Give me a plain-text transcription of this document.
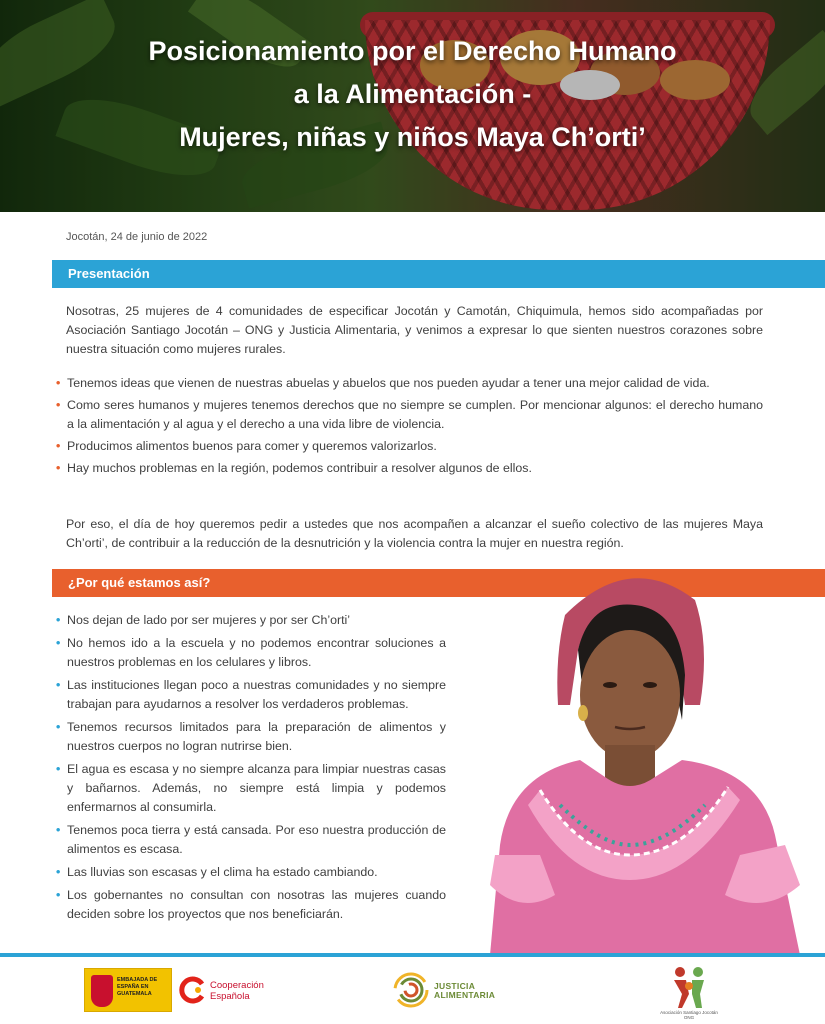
Posicionamiento por el Derecho Humano
a la Alimentación -
Mujeres, niñas y niños Maya Ch’orti’
Jocotán, 24 de junio de 2022
Presentación

Nosotras, 25 mujeres de 4 comunidades de especificar Jocotán y Camotán, Chiquimula, hemos sido acompañadas por Asociación Santiago Jocotán – ONG y Justicia Alimentaria, y venimos a expresar lo que sienten nuestros corazones sobre nuestra situación como mujeres rurales.

• Tenemos ideas que vienen de nuestras abuelas y abuelos que nos pueden ayudar a tener una mejor calidad de vida.
• Como seres humanos y mujeres tenemos derechos que no siempre se cumplen. Por mencionar algunos: el derecho humano a la alimentación y al agua y el derecho a una vida libre de violencia.
• Producimos alimentos buenos para comer y queremos valorizarlos.
• Hay muchos problemas en la región, podemos contribuir a resolver algunos de ellos.

Por eso, el día de hoy queremos pedir a ustedes que nos acompañen a alcanzar el sueño colectivo de las mujeres Maya Ch’orti’, de contribuir a la reducción de la desnutrición y la violencia contra la mujer en nuestra región.

¿Por qué estamos así?
• Nos dejan de lado por ser mujeres y por ser Ch’orti’
• No hemos ido a la escuela y no podemos encontrar soluciones a nuestros problemas en los celulares y libros.
• Las instituciones llegan poco a nuestras comunidades y no siempre trabajan para ayudarnos a resolver los verdaderos problemas.
• Tenemos recursos limitados para la preparación de alimentos y nuestros cuerpos no logran nutrirse bien.
• El agua es escasa y no siempre alcanza para limpiar nuestras casas y bañarnos. Además, no siempre está limpia y podemos enfermarnos al consumirla.
• Tenemos poca tierra y está cansada. Por eso nuestra producción de alimentos es escasa.
• Las lluvias son escasas y el clima ha estado cambiando.
• Los gobernantes no consultan con nosotras las mujeres cuando deciden sobre los proyectos que nos beneficiarán.
EMBAJADA DE ESPAÑA EN GUATEMALA
Cooperación
Española
JUSTICIA
ALIMENTARIA
Asociación Santiago Jocotán ONG
